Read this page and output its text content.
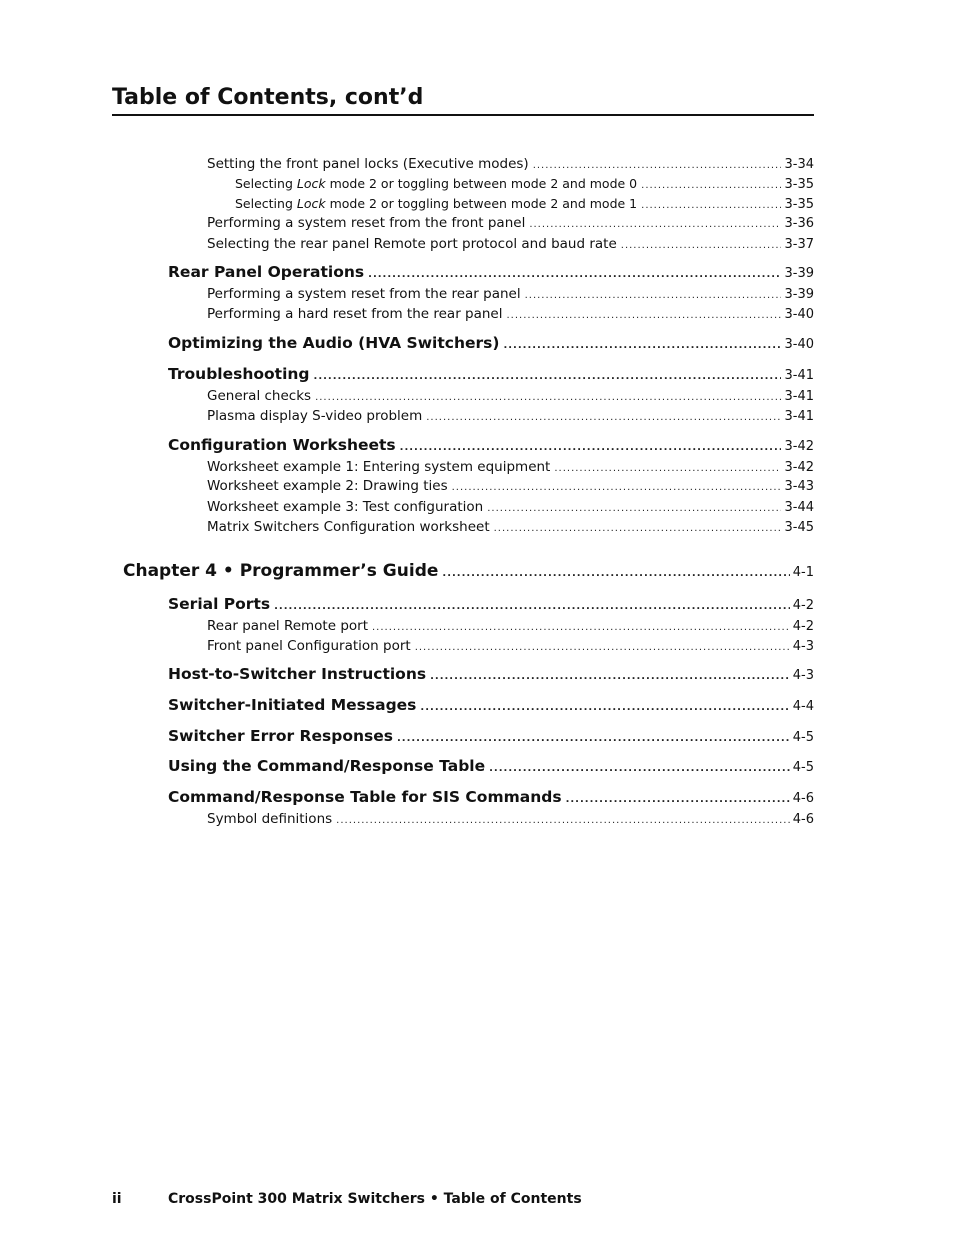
Table of Contents, cont’d
Setting the front panel locks (Executive modes) .....	3-34
Selecting Lock mode 2 or toggling between mode 2 and mode 0 .....	3-35
Selecting Lock mode 2 or toggling between mode 2 and mode 1 .....	3-35
Performing a system reset from the front panel .....	3-36
Selecting the rear panel Remote port protocol and baud rate .....	3-37
Rear Panel Operations .....	3-39
Performing a system reset from the rear panel .....	3-39
Performing a hard reset from the rear panel .....	3-40
Optimizing the Audio (HVA Switchers) .....	3-40
Troubleshooting .....	3-41
General checks .....	3-41
Plasma display S-video problem .....	3-41
Configuration Worksheets .....	3-42
Worksheet example 1: Entering system equipment .....	3-42
Worksheet example 2: Drawing ties .....	3-43
Worksheet example 3: Test configuration .....	3-44
Matrix Switchers Configuration worksheet .....	3-45
Chapter 4 • Programmer’s Guide .....	4-1
Serial Ports .....	4-2
Rear panel Remote port .....	4-2
Front panel Configuration port .....	4-3
Host-to-Switcher Instructions .....	4-3
Switcher-Initiated Messages .....	4-4
Switcher Error Responses .....	4-5
Using the Command/Response Table .....	4-5
Command/Response Table for SIS Commands .....	4-6
Symbol definitions .....	4-6
ii	CrossPoint 300 Matrix Switchers • Table of Contents
